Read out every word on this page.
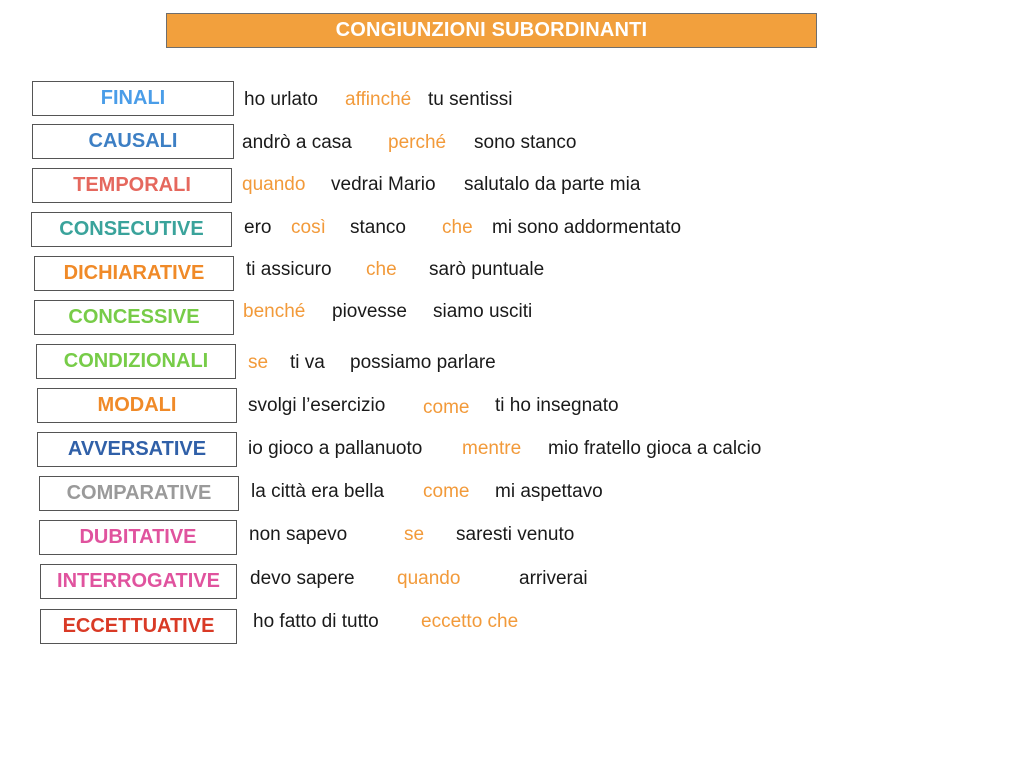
CONGIUNZIONI SUBORDINANTI
FINALI	ho urlato affinché tu sentissi
CAUSALI	andrò a casa perché sono stanco
TEMPORALI	quando vedrai Mario salutalo da parte mia
CONSECUTIVE	ero così stanco che mi sono addormentato
DICHIARATIVE	ti assicuro che sarò puntuale
CONCESSIVE	benché piovesse siamo usciti
CONDIZIONALI	se ti va possiamo parlare
MODALI	svolgi l’esercizio come ti ho insegnato
AVVERSATIVE	io gioco a pallanuoto mentre mio fratello gioca a calcio
COMPARATIVE	la città era bella come mi aspettavo
DUBITATIVE	non sapevo	se saresti venuto
INTERROGATIVE	devo sapere quando	arriverai
ECCETTUATIVE	ho fatto di tutto eccetto che
